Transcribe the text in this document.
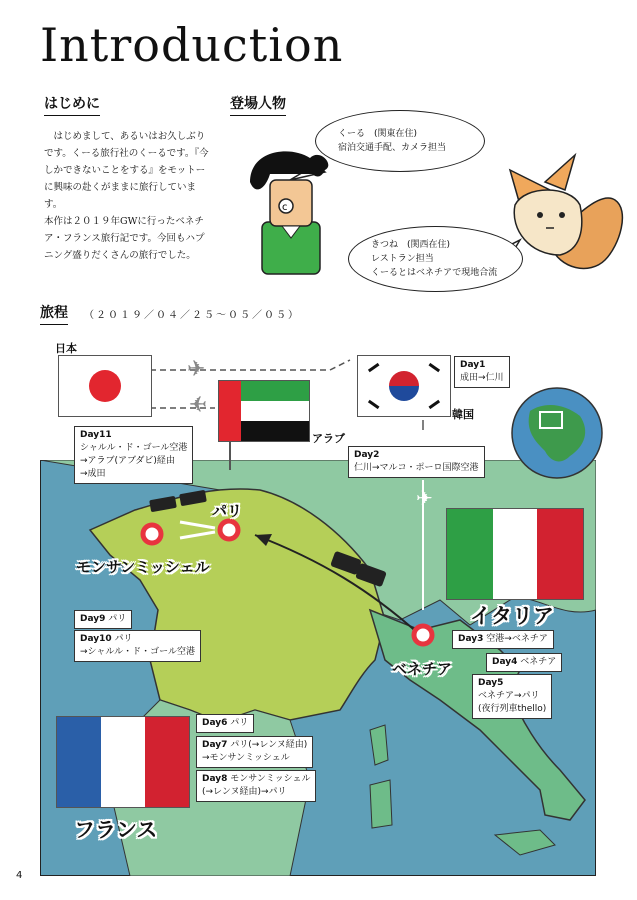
Introduction
はじめに	登場人物
　はじめまして、あるいはお久しぶり
です。くーる旅行社のくーるです。『今
しかできないことをする』をモットー
に興味の赴くがままに旅行しています。
本作は２０１９年GWに行ったベネチ
ア・フランス旅行記です。今回もハプ
ニング盛りだくさんの旅行でした。
c
くーる　(関東在住)
宿泊交通手配、カメラ担当
きつね　(関西在住)
レストラン担当
くーるとはベネチアで現地合流
旅程 （２０１９／０４／２５～０５／０５）
✈
✈
✈
日本
韓国
アラブ
パリ
モンサンミッシェル
ベネチア
イタリア
フランス
Day1
成田→仁川
Day2
仁川→マルコ・ポーロ国際空港
Day11
シャルル・ド・ゴール空港
→アラブ(アブダビ)経由
→成田
Day3 空港→ベネチア
Day4 ベネチア
Day5
ベネチア→パリ
(夜行列車thello)
Day9 パリ
Day10 パリ
→シャルル・ド・ゴール空港
Day6 パリ
Day7 パリ(→レンヌ経由)
→モンサンミッシェル
Day8 モンサンミッシェル
(→レンヌ経由)→パリ
4
